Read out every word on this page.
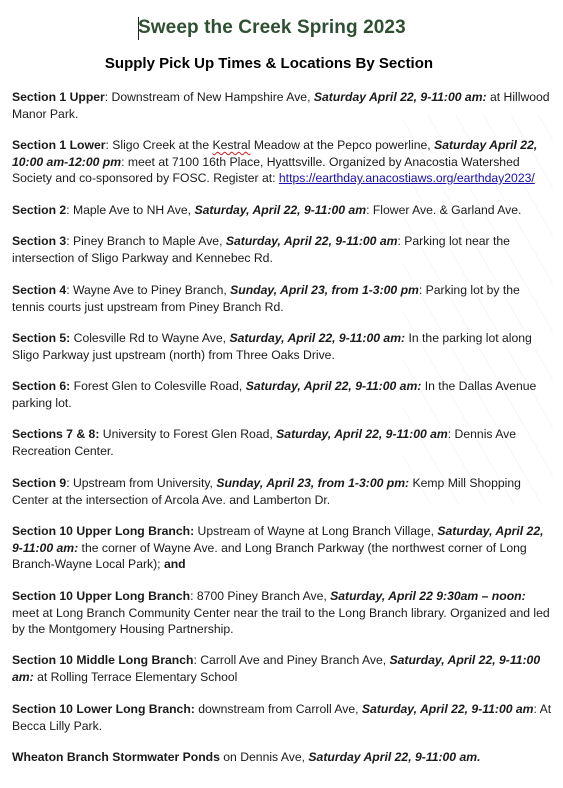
Sweep the Creek Spring 2023
Supply Pick Up Times & Locations By Section

Section 1 Upper: Downstream of New Hampshire Ave, Saturday April 22, 9-11:00 am: at Hillwood Manor Park.

Section 1 Lower: Sligo Creek at the Kestral Meadow at the Pepco powerline, Saturday April 22, 10:00 am-12:00 pm: meet at 7100 16th Place, Hyattsville. Organized by Anacostia Watershed Society and co-sponsored by FOSC. Register at: https://earthday.anacostiaws.org/earthday2023/

Section 2: Maple Ave to NH Ave, Saturday, April 22, 9-11:00 am: Flower Ave. & Garland Ave.

Section 3: Piney Branch to Maple Ave, Saturday, April 22, 9-11:00 am: Parking lot near the intersection of Sligo Parkway and Kennebec Rd.

Section 4: Wayne Ave to Piney Branch, Sunday, April 23, from 1-3:00 pm: Parking lot by the tennis courts just upstream from Piney Branch Rd.

Section 5: Colesville Rd to Wayne Ave, Saturday, April 22, 9-11:00 am: In the parking lot along Sligo Parkway just upstream (north) from Three Oaks Drive.

Section 6: Forest Glen to Colesville Road, Saturday, April 22, 9-11:00 am: In the Dallas Avenue parking lot.

Sections 7 & 8: University to Forest Glen Road, Saturday, April 22, 9-11:00 am: Dennis Ave Recreation Center.

Section 9: Upstream from University, Sunday, April 23, from 1-3:00 pm: Kemp Mill Shopping Center at the intersection of Arcola Ave. and Lamberton Dr.

Section 10 Upper Long Branch: Upstream of Wayne at Long Branch Village, Saturday, April 22, 9-11:00 am: the corner of Wayne Ave. and Long Branch Parkway (the northwest corner of Long Branch-Wayne Local Park); and

Section 10 Upper Long Branch: 8700 Piney Branch Ave, Saturday, April 22 9:30am – noon: meet at Long Branch Community Center near the trail to the Long Branch library. Organized and led by the Montgomery Housing Partnership.

Section 10 Middle Long Branch: Carroll Ave and Piney Branch Ave, Saturday, April 22, 9-11:00 am: at Rolling Terrace Elementary School

Section 10 Lower Long Branch: downstream from Carroll Ave, Saturday, April 22, 9-11:00 am: At Becca Lilly Park.

Wheaton Branch Stormwater Ponds on Dennis Ave, Saturday April 22, 9-11:00 am.
